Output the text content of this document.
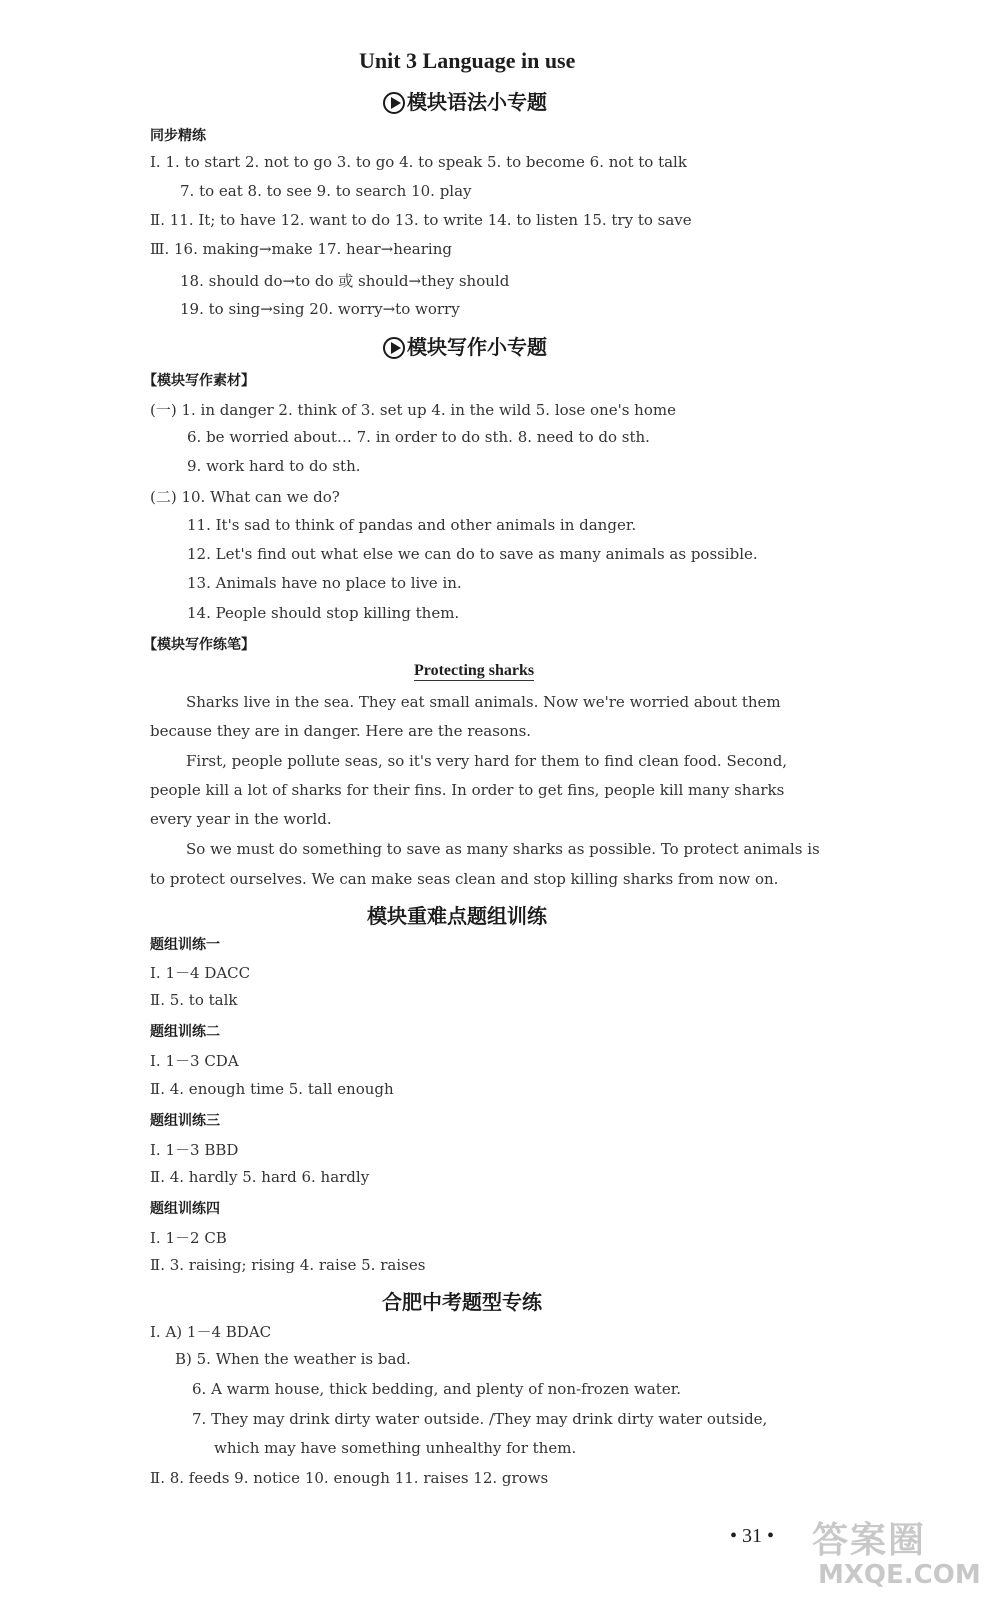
Unit 3 Language in use
模块语法小专题
同步精练
Ⅰ. 1. to start 2. not to go 3. to go 4. to speak 5. to become 6. not to talk
7. to eat 8. to see 9. to search 10. play
Ⅱ. 11. It; to have 12. want to do 13. to write 14. to listen 15. try to save
Ⅲ. 16. making→make 17. hear→hearing
18. should do→to do 或 should→they should
19. to sing→sing 20. worry→to worry
模块写作小专题
【模块写作素材】
(一) 1. in danger 2. think of 3. set up 4. in the wild 5. lose one's home
6. be worried about… 7. in order to do sth. 8. need to do sth.
9. work hard to do sth.
(二) 10. What can we do?
11. It's sad to think of pandas and other animals in danger.
12. Let's find out what else we can do to save as many animals as possible.
13. Animals have no place to live in.
14. People should stop killing them.
【模块写作练笔】
Protecting sharks
Sharks live in the sea. They eat small animals. Now we're worried about them
because they are in danger. Here are the reasons.
First, people pollute seas, so it's very hard for them to find clean food. Second,
people kill a lot of sharks for their fins. In order to get fins, people kill many sharks
every year in the world.
So we must do something to save as many sharks as possible. To protect animals is
to protect ourselves. We can make seas clean and stop killing sharks from now on.
模块重难点题组训练
题组训练一
Ⅰ. 1－4 DACC
Ⅱ. 5. to talk
题组训练二
Ⅰ. 1－3 CDA
Ⅱ. 4. enough time 5. tall enough
题组训练三
Ⅰ. 1－3 BBD
Ⅱ. 4. hardly 5. hard 6. hardly
题组训练四
Ⅰ. 1－2 CB
Ⅱ. 3. raising; rising 4. raise 5. raises
合肥中考题型专练
Ⅰ. A) 1－4 BDAC
B) 5. When the weather is bad.
6. A warm house, thick bedding, and plenty of non-frozen water.
7. They may drink dirty water outside. /They may drink dirty water outside,
which may have something unhealthy for them.
Ⅱ. 8. feeds 9. notice 10. enough 11. raises 12. grows
• 31 • 答案圈
MXQE.COM
